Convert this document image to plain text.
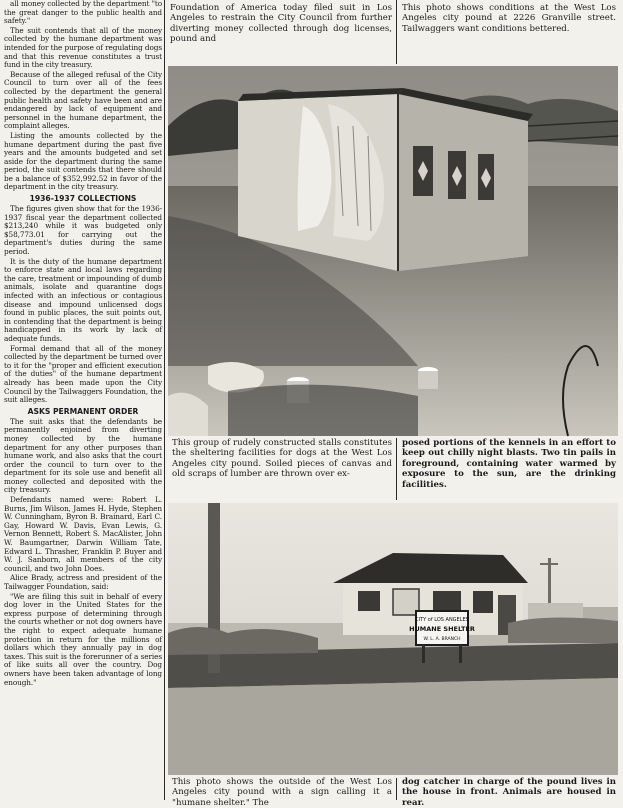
all money collected by the department "to the great danger to the public health and safety."

The suit contends that all of the money collected by the humane department was intended for the purpose of regulating dogs and that this revenue constitutes a trust fund in the city treasury.

Because of the alleged refusal of the City Council to turn over all of the fees collected by the department the general public health and safety have been and are endangered by lack of equipment and personnel in the humane department, the complaint alleges.

Listing the amounts collected by the humane department during the past five years and the amounts budgeted and set aside for the department during the same period, the suit contends that there should be a balance of $352,992.52 in favor of the department in the city treasury.

1936-1937 COLLECTIONS

The figures given show that for the 1936-1937 fiscal year the department collected $213,240 while it was budgeted only $58,773.01 for carrying out the department's duties during the same period.

It is the duty of the humane department to enforce state and local laws regarding the care, treatment or impounding of dumb animals, isolate and quarantine dogs infected with an infectious or contagious disease and impound unlicensed dogs found in public places, the suit points out, in contending that the department is being handicapped in its work by lack of adequate funds.

Formal demand that all of the money collected by the department be turned over to it for the "proper and efficient execution of the duties" of the humane department already has been made upon the City Council by the Tailwaggers Foundation, the suit alleges.

ASKS PERMANENT ORDER

The suit asks that the defendants be permanently enjoined from diverting money collected by the humane department for any other purposes than humane work, and also asks that the court order the council to turn over to the department for its sole use and benefit all money collected and deposited with the city treasury.

Defendants named were: Robert L. Burns, Jim Wilson, James H. Hyde, Stephen W. Cunningham, Byron B. Brainard, Earl C. Gay, Howard W. Davis, Evan Lewis, G. Vernon Bennett, Robert S. MacAlister, John W. Baumgartner, Darwin William Tate, Edward L. Thrasher, Franklin P. Buyer and W. J. Sanborn, all members of the city council, and two John Does.

Alice Brady, actress and president of the Tailwagger Foundation, said:

"We are filing this suit in behalf of every dog lover in the United States for the express purpose of determining through the courts whether or not dog owners have the right to expect adequate humane protection in return for the millions of dollars which they annually pay in dog taxes. This suit is the forerunner of a series of like suits all over the country. Dog owners have been taken advantage of long enough."

Foundation of America today filed suit in Los Angeles to restrain the City Council from further diverting money collected through dog licenses, pound and
This photo shows conditions at the West Los Angeles city pound at 2226 Granville street. Tailwaggers want conditions bettered.
This group of rudely constructed stalls constitutes the sheltering facilities for dogs at the West Los Angeles city pound. Soiled pieces of canvas and old scraps of lumber are thrown over ex-
posed portions of the kennels in an effort to keep out chilly night blasts. Two tin pails in foreground, containing water warmed by exposure to the sun, are the drinking facilities.
CITY of LOS ANGELES
HUMANE SHELTER
W. L. A. BRANCH
This photo shows the outside of the West Los Angeles city pound with a sign calling it a "humane shelter." The
dog catcher in charge of the pound lives in the house in front. Animals are housed in rear.
